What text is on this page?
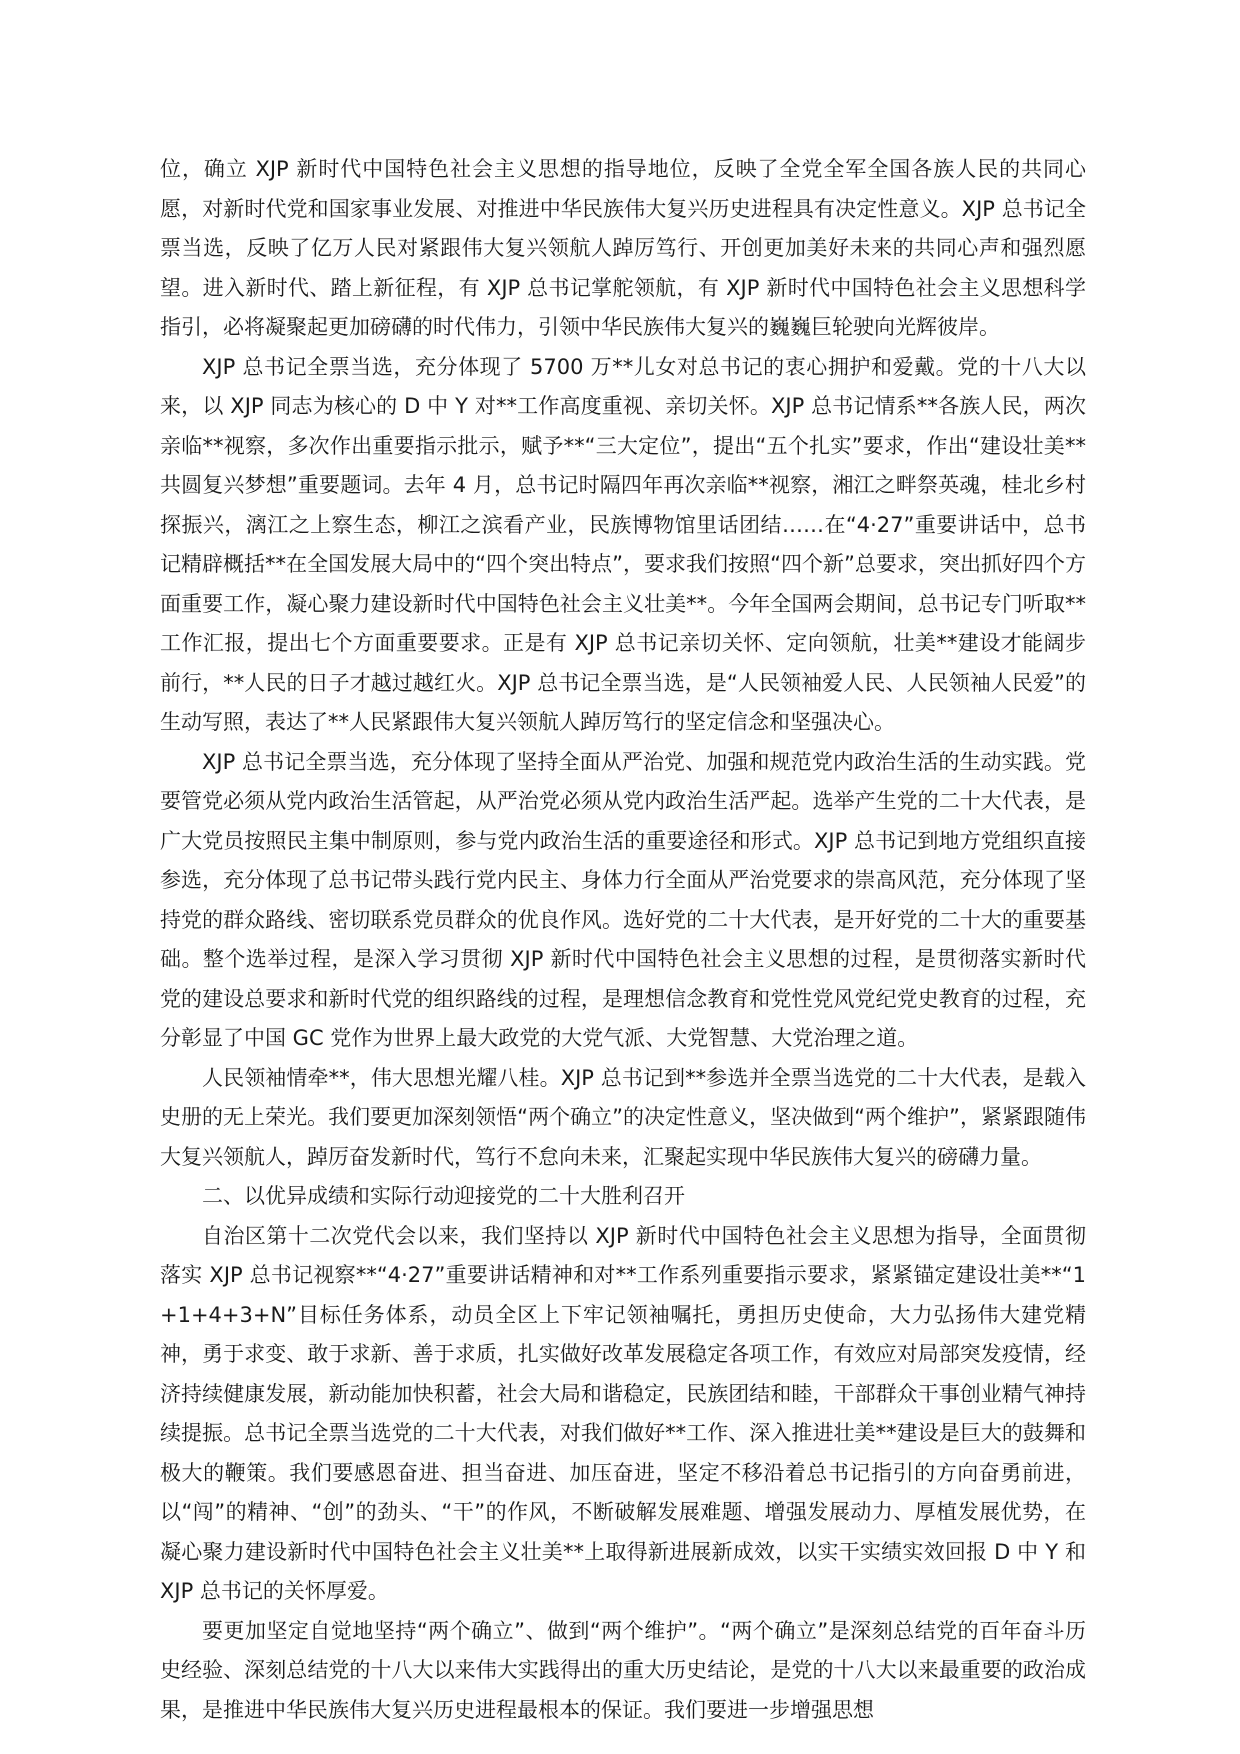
位，确立 XJP 新时代中国特色社会主义思想的指导地位，反映了全党全军全国各族人民的共同心愿，对新时代党和国家事业发展、对推进中华民族伟大复兴历史进程具有决定性意义。XJP 总书记全票当选，反映了亿万人民对紧跟伟大复兴领航人踔厉笃行、开创更加美好未来的共同心声和强烈愿望。进入新时代、踏上新征程，有 XJP 总书记掌舵领航，有 XJP 新时代中国特色社会主义思想科学指引，必将凝聚起更加磅礴的时代伟力，引领中华民族伟大复兴的巍巍巨轮驶向光辉彼岸。

XJP 总书记全票当选，充分体现了 5700 万**儿女对总书记的衷心拥护和爱戴。党的十八大以来，以 XJP 同志为核心的 D 中 Y 对**工作高度重视、亲切关怀。XJP 总书记情系**各族人民，两次亲临**视察，多次作出重要指示批示，赋予**“三大定位”，提出“五个扎实”要求，作出“建设壮美** 共圆复兴梦想”重要题词。去年 4 月，总书记时隔四年再次亲临**视察，湘江之畔祭英魂，桂北乡村探振兴，漓江之上察生态，柳江之滨看产业，民族博物馆里话团结……在“4·27”重要讲话中，总书记精辟概括**在全国发展大局中的“四个突出特点”，要求我们按照“四个新”总要求，突出抓好四个方面重要工作，凝心聚力建设新时代中国特色社会主义壮美**。今年全国两会期间，总书记专门听取**工作汇报，提出七个方面重要要求。正是有 XJP 总书记亲切关怀、定向领航，壮美**建设才能阔步前行，**人民的日子才越过越红火。XJP 总书记全票当选，是“人民领袖爱人民、人民领袖人民爱”的生动写照，表达了**人民紧跟伟大复兴领航人踔厉笃行的坚定信念和坚强决心。

XJP 总书记全票当选，充分体现了坚持全面从严治党、加强和规范党内政治生活的生动实践。党要管党必须从党内政治生活管起，从严治党必须从党内政治生活严起。选举产生党的二十大代表，是广大党员按照民主集中制原则，参与党内政治生活的重要途径和形式。XJP 总书记到地方党组织直接参选，充分体现了总书记带头践行党内民主、身体力行全面从严治党要求的崇高风范，充分体现了坚持党的群众路线、密切联系党员群众的优良作风。选好党的二十大代表，是开好党的二十大的重要基础。整个选举过程，是深入学习贯彻 XJP 新时代中国特色社会主义思想的过程，是贯彻落实新时代党的建设总要求和新时代党的组织路线的过程，是理想信念教育和党性党风党纪党史教育的过程，充分彰显了中国 GC 党作为世界上最大政党的大党气派、大党智慧、大党治理之道。

人民领袖情牵**，伟大思想光耀八桂。XJP 总书记到**参选并全票当选党的二十大代表，是载入史册的无上荣光。我们要更加深刻领悟“两个确立”的决定性意义，坚决做到“两个维护”，紧紧跟随伟大复兴领航人，踔厉奋发新时代，笃行不怠向未来，汇聚起实现中华民族伟大复兴的磅礴力量。

二、以优异成绩和实际行动迎接党的二十大胜利召开

自治区第十二次党代会以来，我们坚持以 XJP 新时代中国特色社会主义思想为指导，全面贯彻落实 XJP 总书记视察**“4·27”重要讲话精神和对**工作系列重要指示要求，紧紧锚定建设壮美**“1+1+4+3+N”目标任务体系，动员全区上下牢记领袖嘱托，勇担历史使命，大力弘扬伟大建党精神，勇于求变、敢于求新、善于求质，扎实做好改革发展稳定各项工作，有效应对局部突发疫情，经济持续健康发展，新动能加快积蓄，社会大局和谐稳定，民族团结和睦，干部群众干事创业精气神持续提振。总书记全票当选党的二十大代表，对我们做好**工作、深入推进壮美**建设是巨大的鼓舞和极大的鞭策。我们要感恩奋进、担当奋进、加压奋进，坚定不移沿着总书记指引的方向奋勇前进，以“闯”的精神、“创”的劲头、“干”的作风，不断破解发展难题、增强发展动力、厚植发展优势，在凝心聚力建设新时代中国特色社会主义壮美**上取得新进展新成效，以实干实绩实效回报 D 中 Y 和 XJP 总书记的关怀厚爱。

要更加坚定自觉地坚持“两个确立”、做到“两个维护”。“两个确立”是深刻总结党的百年奋斗历史经验、深刻总结党的十八大以来伟大实践得出的重大历史结论，是党的十八大以来最重要的政治成果，是推进中华民族伟大复兴历史进程最根本的保证。我们要进一步增强思想
